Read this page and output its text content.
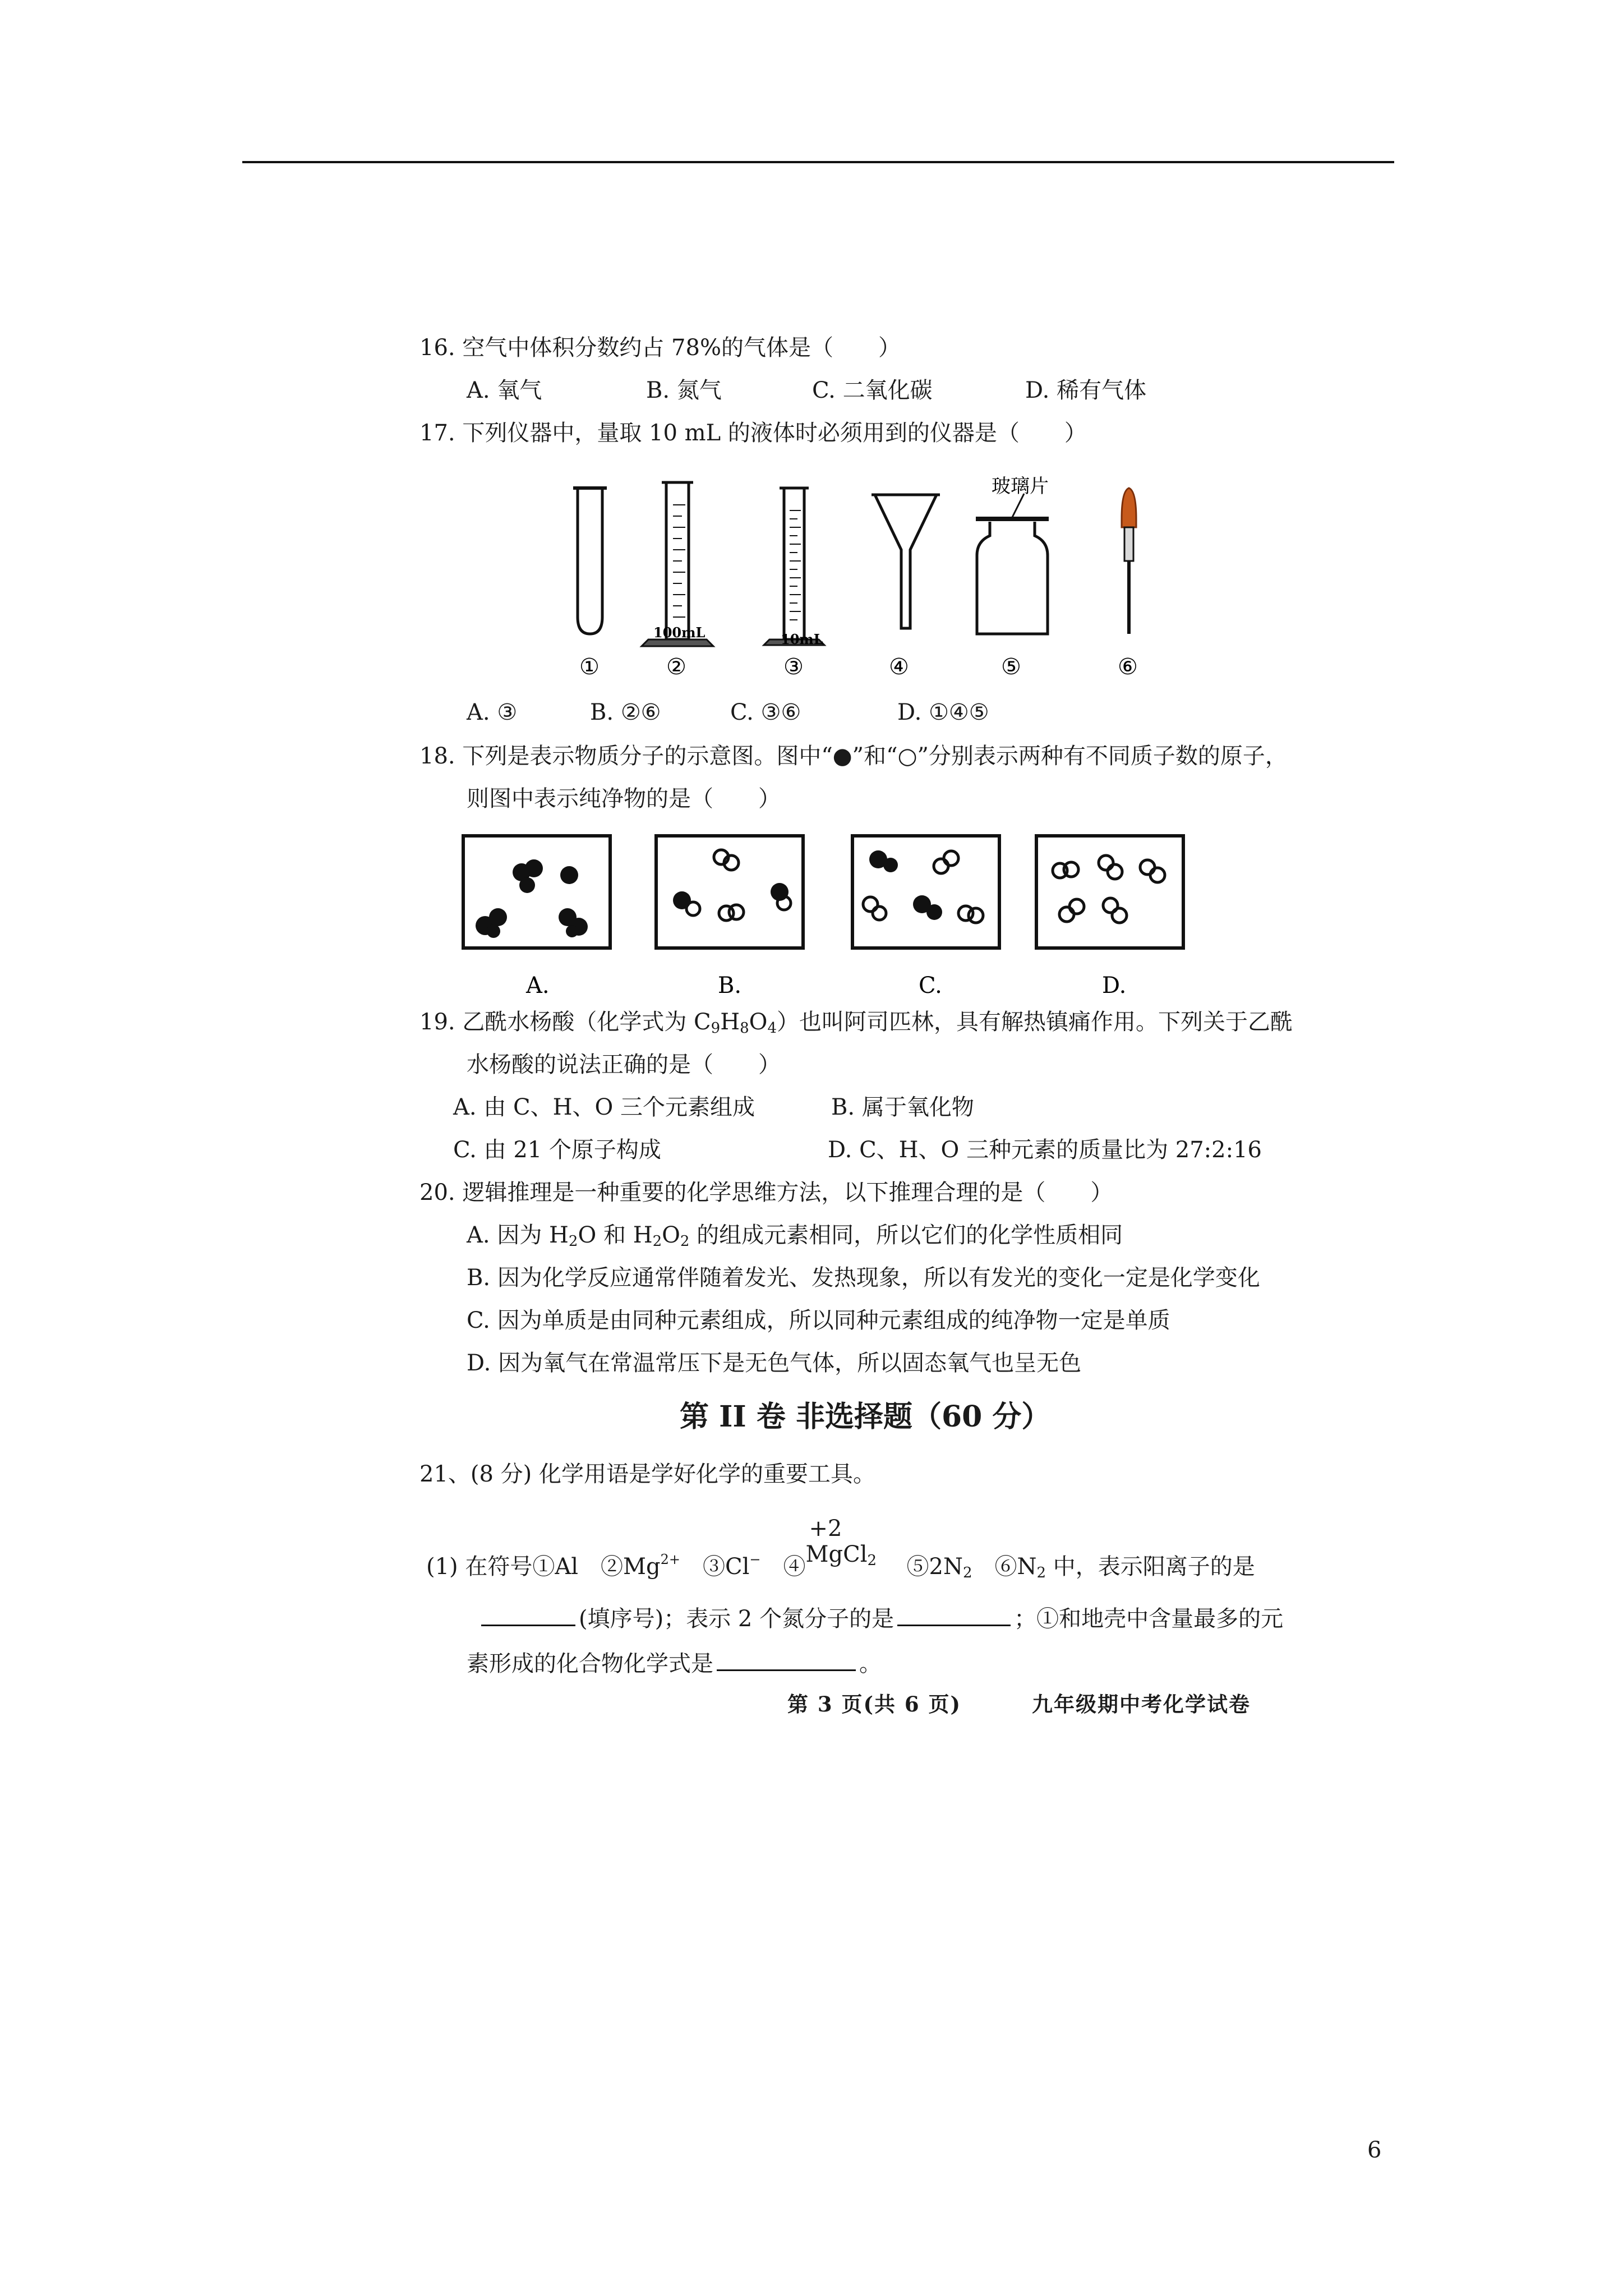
16. 空气中体积分数约占 78%的气体是（　　）
A. 氧气	B. 氮气	C. 二氧化碳	D. 稀有气体
17. 下列仪器中，量取 10 mL 的液体时必须用到的仪器是（　　）
100mL	10mL
玻璃片
①	②	③	④	⑤	⑥
A. ③	B. ②⑥	C. ③⑥	D. ①④⑤
18. 下列是表示物质分子的示意图。图中“●”和“○”分别表示两种有不同质子数的原子，
则图中表示纯净物的是（　　）
A.	B.	C.	D.
19. 乙酰水杨酸（化学式为 $C_9H_8O_4$）也叫阿司匹林，具有解热镇痛作用。下列关于乙酰
水杨酸的说法正确的是（　　）
A. 由 C、H、O 三个元素组成	B. 属于氧化物
C. 由 21 个原子构成	D. C、H、O 三种元素的质量比为 27:2:16
20. 逻辑推理是一种重要的化学思维方法，以下推理合理的是（　　）
A. 因为 $H_2O$ 和 $H_2O_2$ 的组成元素相同，所以它们的化学性质相同
B. 因为化学反应通常伴随着发光、发热现象，所以有发光的变化一定是化学变化
C. 因为单质是由同种元素组成，所以同种元素组成的纯净物一定是单质
D. 因为氧气在常温常压下是无色气体，所以固态氧气也呈无色
第 II 卷 非选择题（60 分）
21、(8 分) 化学用语是学好化学的重要工具。
(1) 在符号①Al　$②Mg^{2+}$　③Cl−　④
+2
MgCl$_2$　$⑤2N_2$　$⑥N_2$ 中，表示阳离子的是
(填序号)；表示 2 个氮分子的是	；①和地壳中含量最多的元
素形成的化合物化学式是	。
第 3 页(共 6 页)	九年级期中考化学试卷
6
